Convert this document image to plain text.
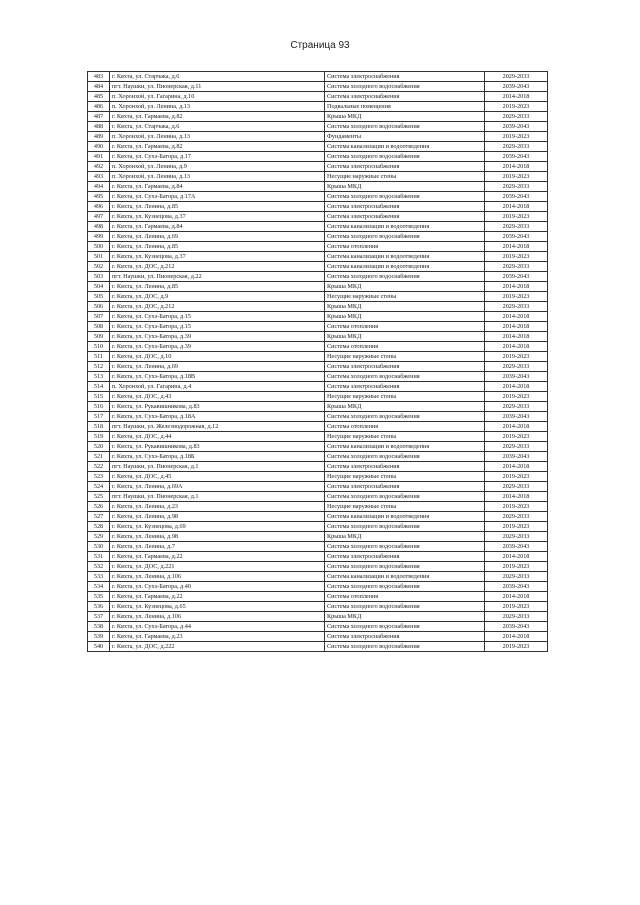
Страница 93
483	г. Кяхта, ул. Старчака, д.6	Система электроснабжения	2029-2033
484	пгт. Наушки, ул. Пионерская, д.11	Система холодного водоснабжения	2039-2043
485	п. Хоронхой, ул. Гагарина, д.10	Система электроснабжения	2014-2018
486	п. Хоронхой, ул. Ленина, д.13	Подвальные помещения	2019-2023
487	г. Кяхта, ул. Гармаева, д.82	Крыша МКД	2029-2033
488	г. Кяхта, ул. Старчака, д.6	Система холодного водоснабжения	2039-2043
489	п. Хоронхой, ул. Ленина, д.13	Фундаменты	2019-2023
490	г. Кяхта, ул. Гармаева, д.82	Система канализации и водоотведения	2029-2033
491	г. Кяхта, ул. Сухэ-Батора, д.17	Система холодного водоснабжения	2039-2043
492	п. Хоронхой, ул. Ленина, д.9	Система электроснабжения	2014-2018
493	п. Хоронхой, ул. Ленина, д.13	Несущие наружные стены	2019-2023
494	г. Кяхта, ул. Гармаева, д.84	Крыша МКД	2029-2033
495	г. Кяхта, ул. Сухэ-Батора, д.17А	Система холодного водоснабжения	2039-2043
496	г. Кяхта, ул. Ленина, д.85	Система электроснабжения	2014-2018
497	г. Кяхта, ул. Кузнецова, д.37	Система электроснабжения	2019-2023
498	г. Кяхта, ул. Гармаева, д.84	Система канализации и водоотведения	2029-2033
499	г. Кяхта, ул. Ленина, д.69	Система холодного водоснабжения	2039-2043
500	г. Кяхта, ул. Ленина, д.85	Система отопления	2014-2018
501	г. Кяхта, ул. Кузнецова, д.37	Система канализации и водоотведения	2019-2023
502	г. Кяхта, ул. ДОС, д.212	Система канализации и водоотведения	2029-2033
503	пгт. Наушки, ул. Пионерская, д.22	Система холодного водоснабжения	2039-2043
504	г. Кяхта, ул. Ленина, д.85	Крыша МКД	2014-2018
505	г. Кяхта, ул. ДОС, д.9	Несущие наружные стены	2019-2023
506	г. Кяхта, ул. ДОС, д.212	Крыша МКД	2029-2033
507	г. Кяхта, ул. Сухэ-Батора, д.15	Крыша МКД	2014-2018
508	г. Кяхта, ул. Сухэ-Батора, д.15	Система отопления	2014-2018
509	г. Кяхта, ул. Сухэ-Батора, д.39	Крыша МКД	2014-2018
510	г. Кяхта, ул. Сухэ-Батора, д.39	Система отопления	2014-2018
511	г. Кяхта, ул. ДОС, д.10	Несущие наружные стены	2019-2023
512	г. Кяхта, ул. Ленина, д.69	Система электроснабжения	2029-2033
513	г. Кяхта, ул. Сухэ-Батора, д.18В	Система холодного водоснабжения	2039-2043
514	п. Хоронхой, ул. Гагарина, д.4	Система электроснабжения	2014-2018
515	г. Кяхта, ул. ДОС, д.43	Несущие наружные стены	2019-2023
516	г. Кяхта, ул. Рукавишникова, д.83	Крыша МКД	2029-2033
517	г. Кяхта, ул. Сухэ-Батора, д.18А	Система холодного водоснабжения	2039-2043
518	пгт. Наушки, ул. Железнодорожная, д.12	Система отопления	2014-2018
519	г. Кяхта, ул. ДОС, д.44	Несущие наружные стены	2019-2023
520	г. Кяхта, ул. Рукавишникова, д.83	Система канализации и водоотведения	2029-2033
521	г. Кяхта, ул. Сухэ-Батора, д.18Б	Система холодного водоснабжения	2039-2043
522	пгт. Наушки, ул. Пионерская, д.1	Система электроснабжения	2014-2018
523	г. Кяхта, ул. ДОС, д.45	Несущие наружные стены	2019-2023
524	г. Кяхта, ул. Ленина, д.69А	Система электроснабжения	2029-2033
525	пгт. Наушки, ул. Пионерская, д.1	Система холодного водоснабжения	2014-2018
526	г. Кяхта, ул. Ленина, д.23	Несущие наружные стены	2019-2023
527	г. Кяхта, ул. Ленина, д.98	Система канализации и водоотведения	2029-2033
528	г. Кяхта, ул. Кузнецова, д.69	Система холодного водоснабжения	2019-2023
529	г. Кяхта, ул. Ленина, д.98	Крыша МКД	2029-2033
530	г. Кяхта, ул. Ленина, д.7	Система холодного водоснабжения	2039-2043
531	г. Кяхта, ул. Гармаева, д.22	Система электроснабжения	2014-2018
532	г. Кяхта, ул. ДОС, д.221	Система холодного водоснабжения	2019-2023
533	г. Кяхта, ул. Ленина, д.106	Система канализации и водоотведения	2029-2033
534	г. Кяхта, ул. Сухэ-Батора, д.40	Система холодного водоснабжения	2039-2043
535	г. Кяхта, ул. Гармаева, д.22	Система отопления	2014-2018
536	г. Кяхта, ул. Кузнецова, д.65	Система холодного водоснабжения	2019-2023
537	г. Кяхта, ул. Ленина, д.106	Крыша МКД	2029-2033
538	г. Кяхта, ул. Сухэ-Батора, д.44	Система холодного водоснабжения	2039-2043
539	г. Кяхта, ул. Гармаева, д.23	Система электроснабжения	2014-2018
540	г. Кяхта, ул. ДОС, д.222	Система холодного водоснабжения	2019-2023
